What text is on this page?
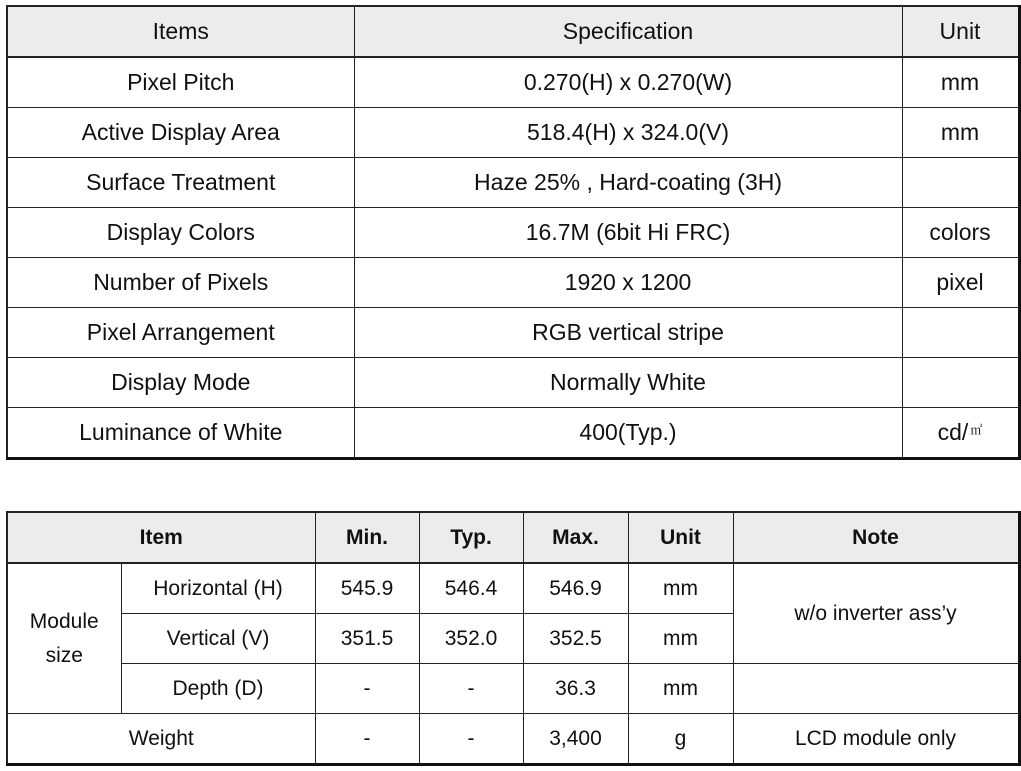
Items	Specification	Unit
Pixel Pitch	0.270(H) x 0.270(W)	mm
Active Display Area	518.4(H) x 324.0(V)	mm
Surface Treatment	Haze 25% , Hard-coating (3H)	
Display Colors	16.7M (6bit Hi FRC)	colors
Number of Pixels	1920 x 1200	pixel
Pixel Arrangement	RGB vertical stripe	
Display Mode	Normally White	
Luminance of White	400(Typ.)	cd/ ㎡
Item		Min.	Typ.	Max.	Unit	Note
Module
size	Horizontal (H)	545.9	546.4	546.9	mm	w/o inverter ass’y
	Vertical (V)	351.5	352.0	352.5	mm	
	Depth (D)	-	-	36.3	mm	
Weight		-	-	3,400	g	LCD module only
